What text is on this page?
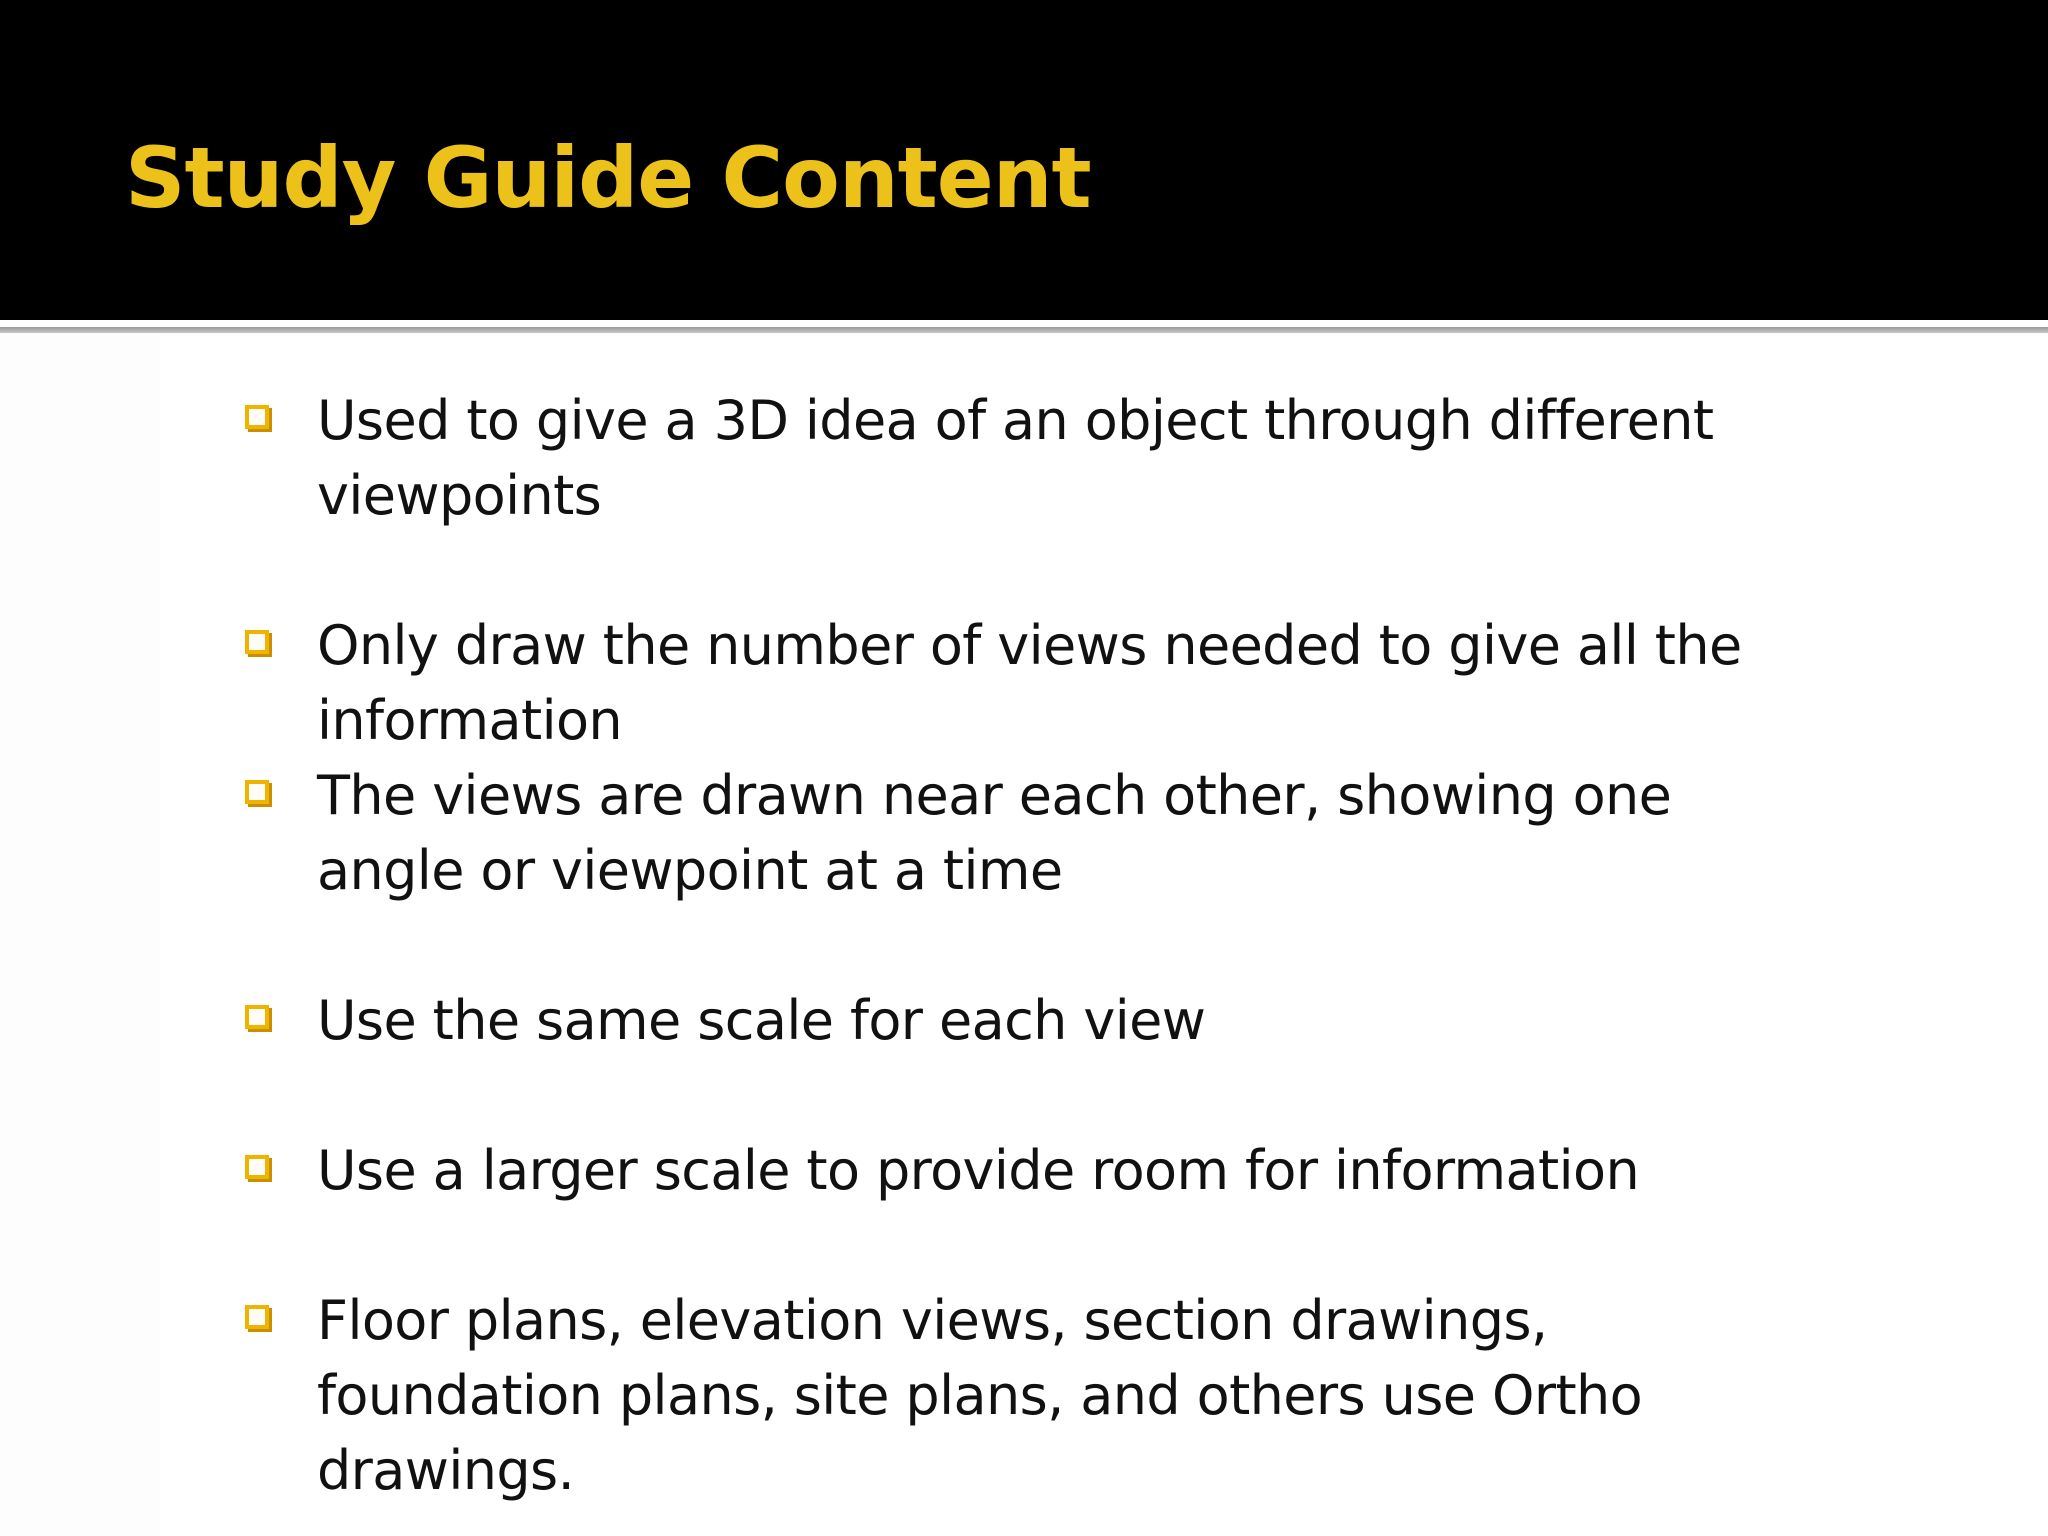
Study Guide Content
Used to give a 3D idea of an object through different viewpoints
Only draw the number of views needed to give all the information
The views are drawn near each other, showing one angle or viewpoint at a time
Use the same scale for each view
Use a larger scale to provide room for information
Floor plans, elevation views, section drawings, foundation plans, site plans, and others use Ortho drawings.
